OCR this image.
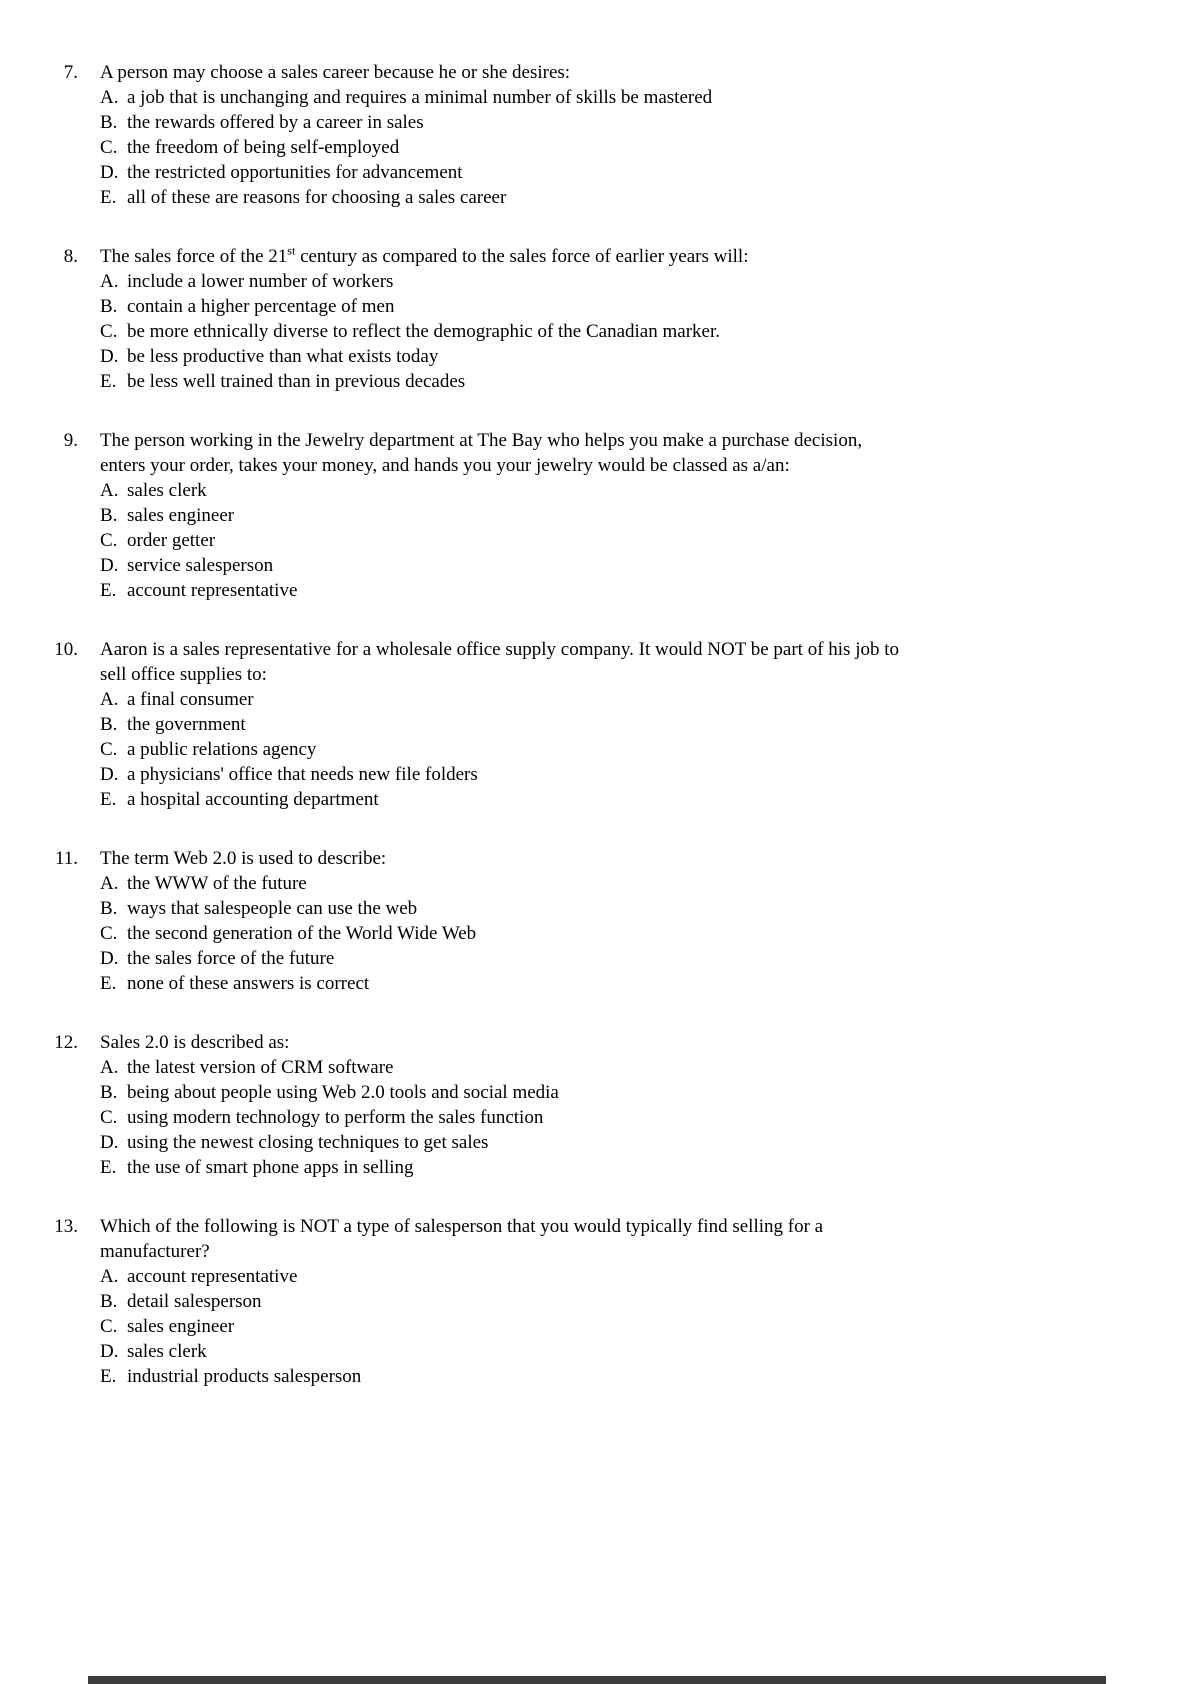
7. A person may choose a sales career because he or she desires:
A. a job that is unchanging and requires a minimal number of skills be mastered
B. the rewards offered by a career in sales
C. the freedom of being self-employed
D. the restricted opportunities for advancement
E. all of these are reasons for choosing a sales career
8. The sales force of the 21st century as compared to the sales force of earlier years will:
A. include a lower number of workers
B. contain a higher percentage of men
C. be more ethnically diverse to reflect the demographic of the Canadian marker.
D. be less productive than what exists today
E. be less well trained than in previous decades
9. The person working in the Jewelry department at The Bay who helps you make a purchase decision,
enters your order, takes your money, and hands you your jewelry would be classed as a/an:
A. sales clerk
B. sales engineer
C. order getter
D. service salesperson
E. account representative
10. Aaron is a sales representative for a wholesale office supply company. It would NOT be part of his job to
sell office supplies to:
A. a final consumer
B. the government
C. a public relations agency
D. a physicians' office that needs new file folders
E. a hospital accounting department
11. The term Web 2.0 is used to describe:
A. the WWW of the future
B. ways that salespeople can use the web
C. the second generation of the World Wide Web
D. the sales force of the future
E. none of these answers is correct
12. Sales 2.0 is described as:
A. the latest version of CRM software
B. being about people using Web 2.0 tools and social media
C. using modern technology to perform the sales function
D. using the newest closing techniques to get sales
E. the use of smart phone apps in selling
13. Which of the following is NOT a type of salesperson that you would typically find selling for a
manufacturer?
A. account representative
B. detail salesperson
C. sales engineer
D. sales clerk
E. industrial products salesperson
